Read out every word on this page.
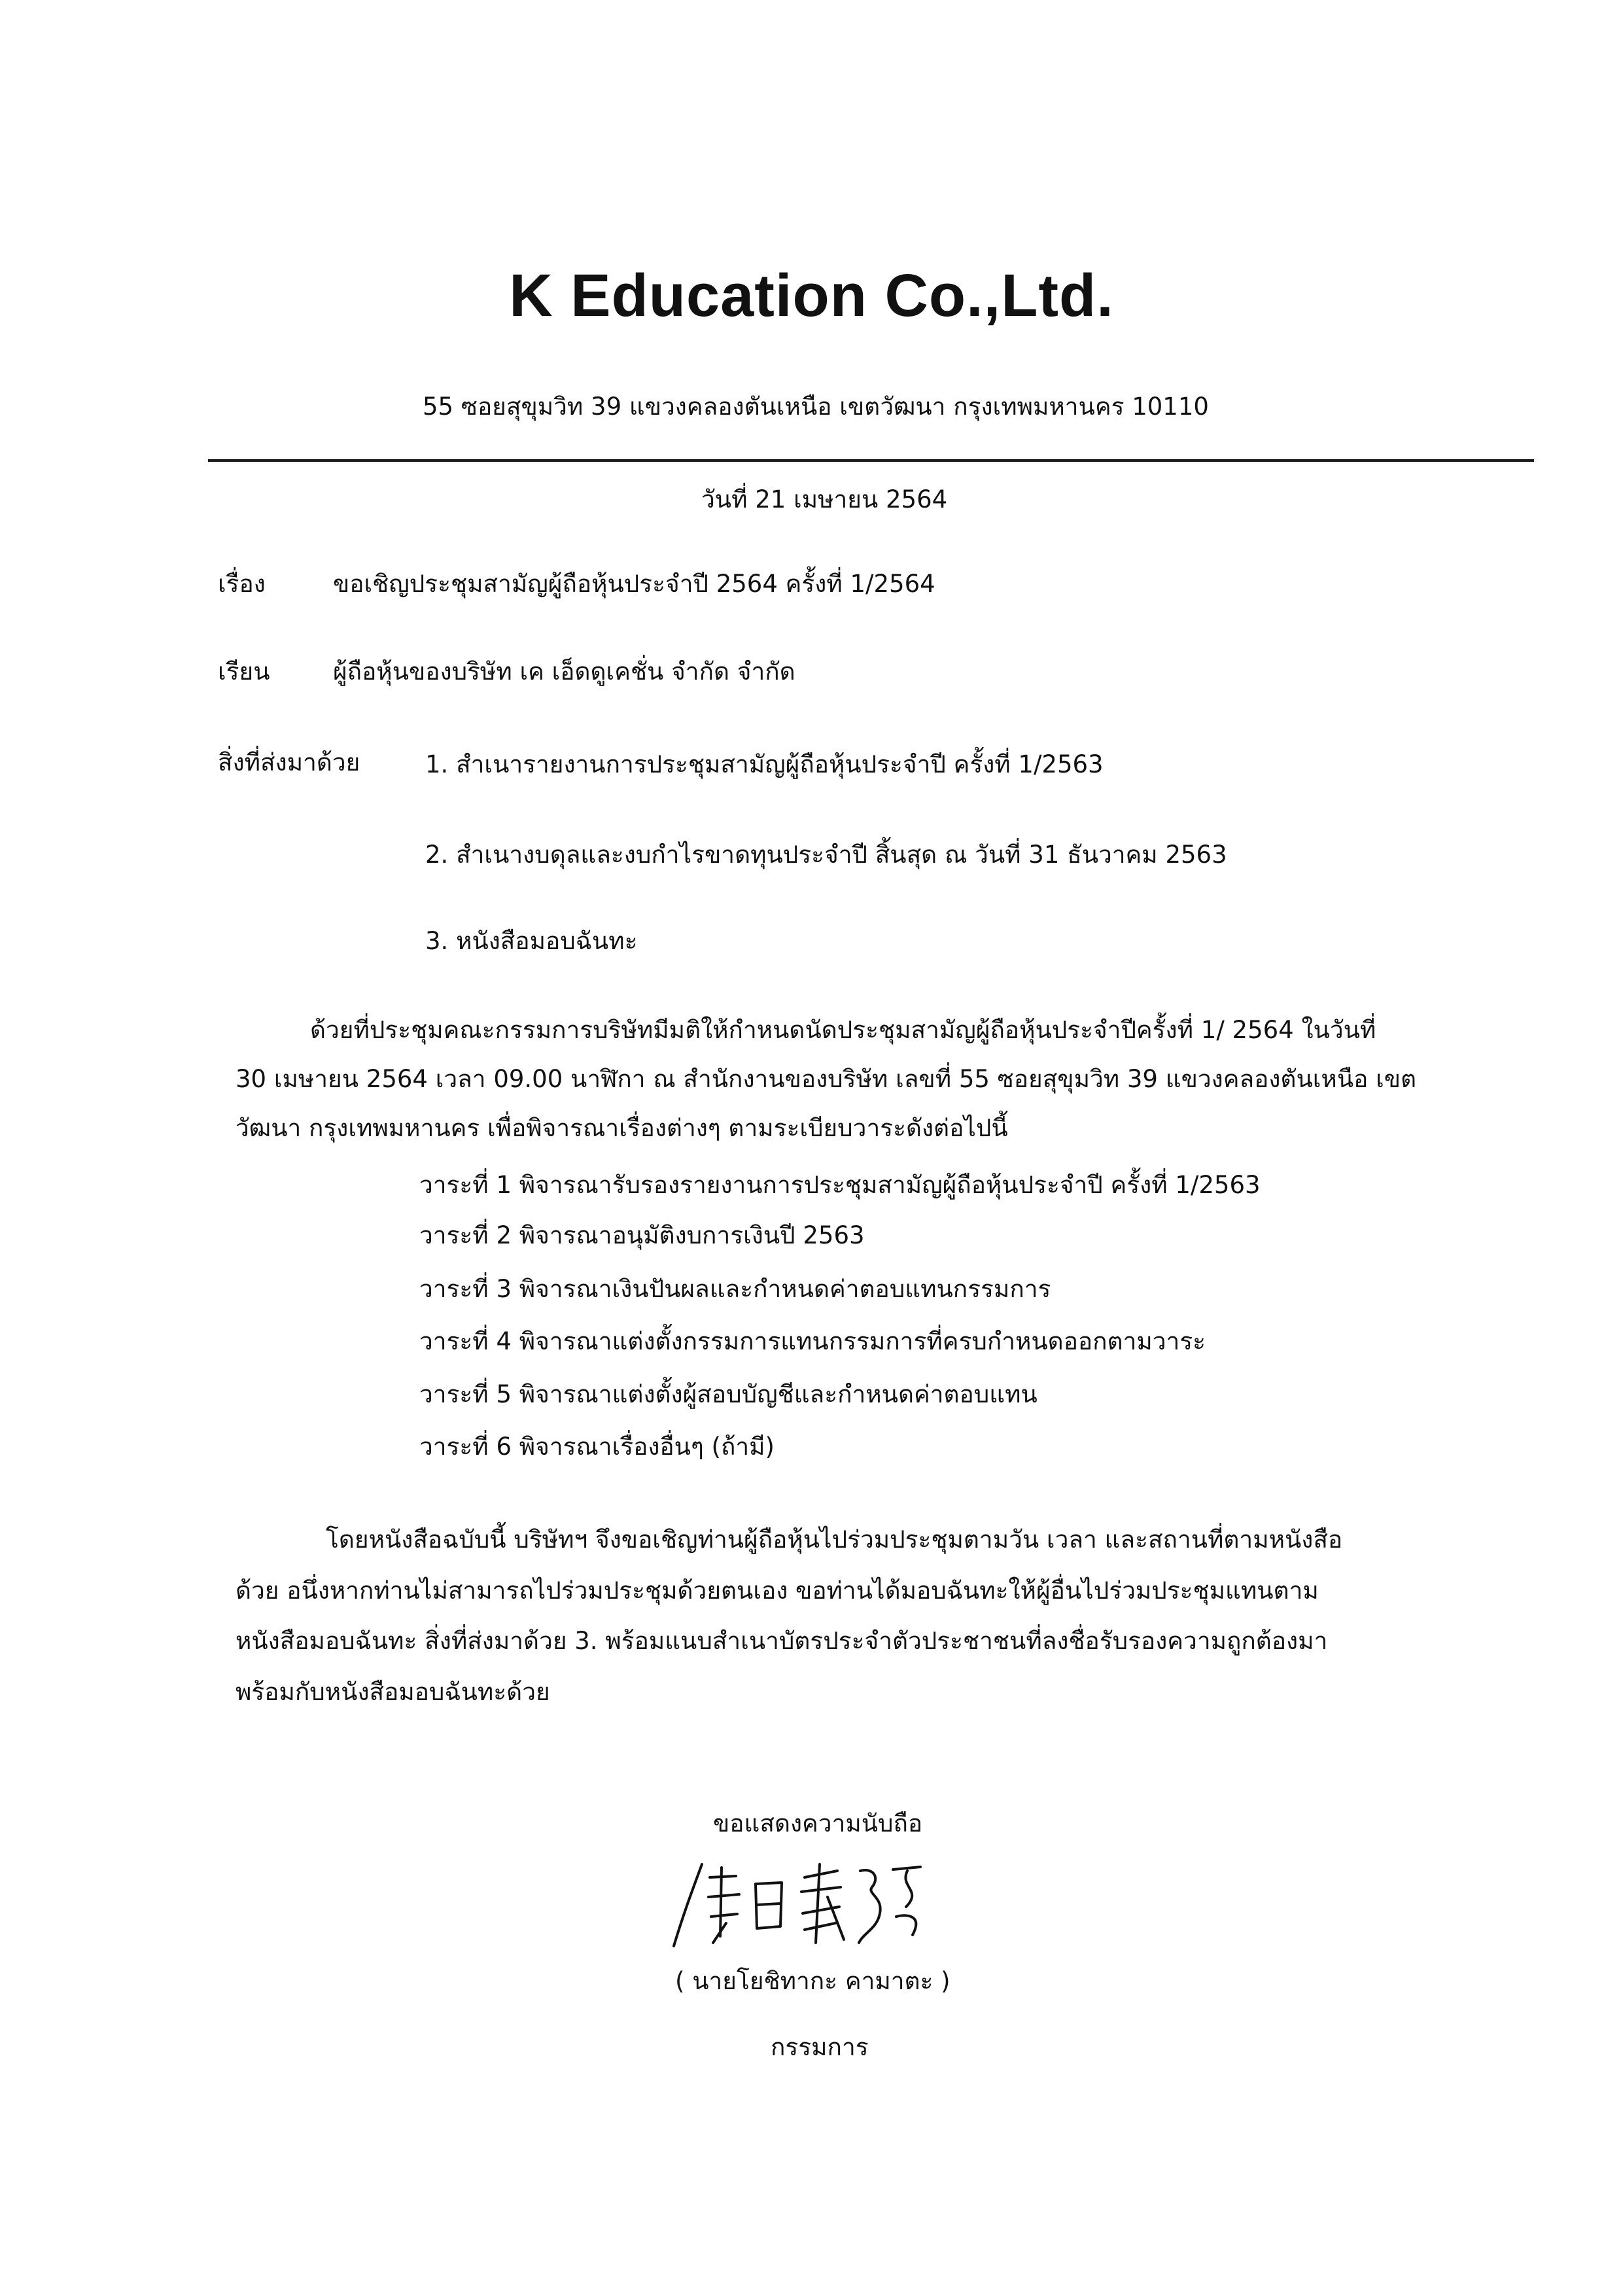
K Education Co.,Ltd.
55 ซอยสุขุมวิท 39 แขวงคลองตันเหนือ เขตวัฒนา กรุงเทพมหานคร 10110
วันที่ 21 เมษายน 2564
เรื่อง	ขอเชิญประชุมสามัญผู้ถือหุ้นประจำปี 2564 ครั้งที่ 1/2564
เรียน	ผู้ถือหุ้นของบริษัท เค เอ็ดดูเคชั่น จำกัด จำกัด
สิ่งที่ส่งมาด้วย	1. สำเนารายงานการประชุมสามัญผู้ถือหุ้นประจำปี ครั้งที่ 1/2563
2. สำเนางบดุลและงบกำไรขาดทุนประจำปี สิ้นสุด ณ วันที่ 31 ธันวาคม 2563
3. หนังสือมอบฉันทะ
ด้วยที่ประชุมคณะกรรมการบริษัทมีมติให้กำหนดนัดประชุมสามัญผู้ถือหุ้นประจำปีครั้งที่ 1/ 2564 ในวันที่
30 เมษายน 2564 เวลา 09.00 นาฬิกา ณ สำนักงานของบริษัท เลขที่ 55 ซอยสุขุมวิท 39 แขวงคลองตันเหนือ เขต
วัฒนา กรุงเทพมหานคร เพื่อพิจารณาเรื่องต่างๆ ตามระเบียบวาระดังต่อไปนี้
วาระที่ 1 พิจารณารับรองรายงานการประชุมสามัญผู้ถือหุ้นประจำปี ครั้งที่ 1/2563
วาระที่ 2 พิจารณาอนุมัติงบการเงินปี 2563
วาระที่ 3 พิจารณาเงินปันผลและกำหนดค่าตอบแทนกรรมการ
วาระที่ 4 พิจารณาแต่งตั้งกรรมการแทนกรรมการที่ครบกำหนดออกตามวาระ
วาระที่ 5 พิจารณาแต่งตั้งผู้สอบบัญชีและกำหนดค่าตอบแทน
วาระที่ 6 พิจารณาเรื่องอื่นๆ (ถ้ามี)
โดยหนังสือฉบับนี้ บริษัทฯ จึงขอเชิญท่านผู้ถือหุ้นไปร่วมประชุมตามวัน เวลา และสถานที่ตามหนังสือ
ด้วย อนึ่งหากท่านไม่สามารถไปร่วมประชุมด้วยตนเอง ขอท่านได้มอบฉันทะให้ผู้อื่นไปร่วมประชุมแทนตาม
หนังสือมอบฉันทะ สิ่งที่ส่งมาด้วย 3. พร้อมแนบสำเนาบัตรประจำตัวประชาชนที่ลงชื่อรับรองความถูกต้องมา
พร้อมกับหนังสือมอบฉันทะด้วย
ขอแสดงความนับถือ
( นายโยชิทากะ คามาตะ )
กรรมการ
